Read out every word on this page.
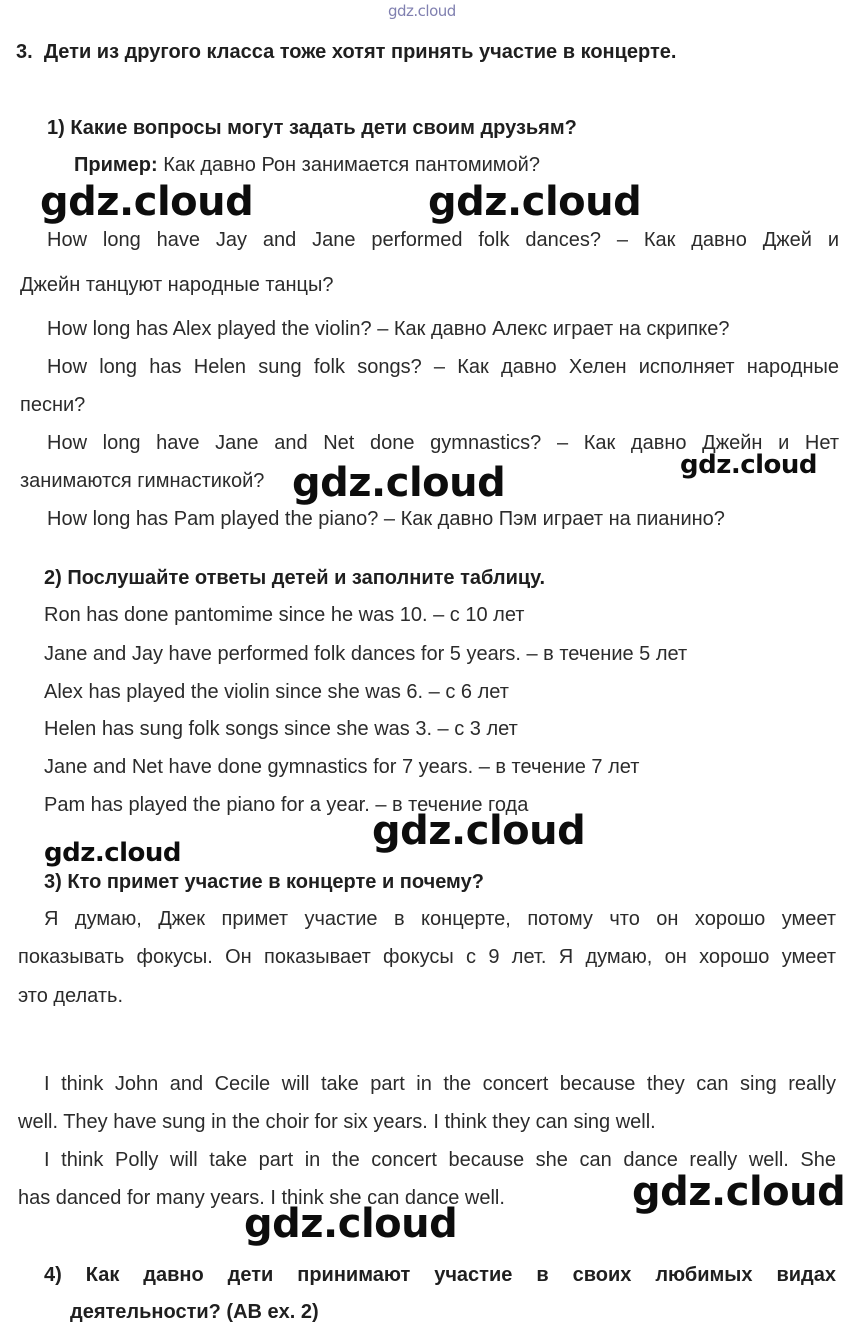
gdz.cloud
3. Дети из другого класса тоже хотят принять участие в концерте.
1) Какие вопросы могут задать дети своим друзьям?
Пример: Как давно Рон занимается пантомимой?
How long have Jay and Jane performed folk dances? – Как давно Джей и
Джейн танцуют народные танцы?
How long has Alex played the violin? – Как давно Алекс играет на скрипке?
How long has Helen sung folk songs? – Как давно Хелен исполняет народные
песни?
How long have Jane and Net done gymnastics? – Как давно Джейн и Нет
занимаются гимнастикой?
How long has Pam played the piano? – Как давно Пэм играет на пианино?
2) Послушайте ответы детей и заполните таблицу.
Ron has done pantomime since he was 10. – с 10 лет
Jane and Jay have performed folk dances for 5 years. – в течение 5 лет
Alex has played the violin since she was 6. – с 6 лет
Helen has sung folk songs since she was 3. – с 3 лет
Jane and Net have done gymnastics for 7 years. – в течение 7 лет
Pam has played the piano for a year. – в течение года
3) Кто примет участие в концерте и почему?
Я думаю, Джек примет участие в концерте, потому что он хорошо умеет
показывать фокусы. Он показывает фокусы с 9 лет. Я думаю, он хорошо умеет
это делать.
I think John and Cecile will take part in the concert because they can sing really
well. They have sung in the choir for six years. I think they can sing well.
I think Polly will take part in the concert because she can dance really well. She
has danced for many years. I think she can dance well.
4) Как давно дети принимают участие в своих любимых видах
деятельности? (AB ex. 2)
gdz.cloud	gdz.cloud
gdz.cloud
gdz.cloud
gdz.cloud
gdz.cloud
gdz.cloud
gdz.cloud
